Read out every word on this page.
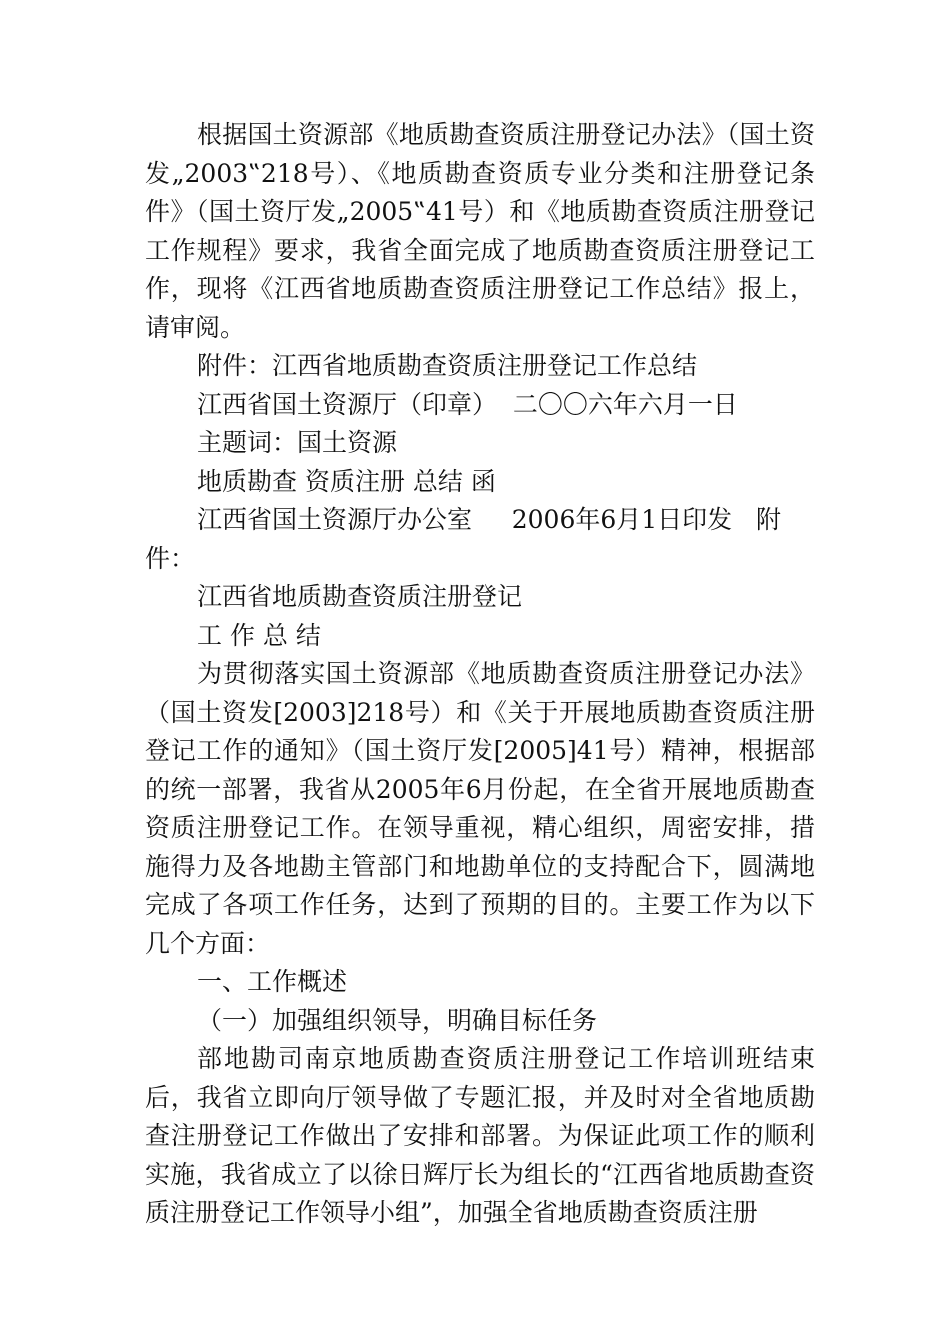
根据国土资源部《地质勘查资质注册登记办法》（国土资发„2003‟218号）、《地质勘查资质专业分类和注册登记条件》（国土资厅发„2005‟41号）和《地质勘查资质注册登记工作规程》要求，我省全面完成了地质勘查资质注册登记工作，现将《江西省地质勘查资质注册登记工作总结》报上，请审阅。

附件：江西省地质勘查资质注册登记工作总结

江西省国土资源厅（印章）  二〇〇六年六月一日

主题词：国土资源

地质勘查 资质注册 总结 函

江西省国土资源厅办公室     2006年6月1日印发   附件：

江西省地质勘查资质注册登记

工 作 总 结

为贯彻落实国土资源部《地质勘查资质注册登记办法》（国土资发[2003]218号）和《关于开展地质勘查资质注册登记工作的通知》（国土资厅发[2005]41号）精神，根据部的统一部署，我省从2005年6月份起，在全省开展地质勘查资质注册登记工作。在领导重视，精心组织，周密安排，措施得力及各地勘主管部门和地勘单位的支持配合下，圆满地完成了各项工作任务，达到了预期的目的。主要工作为以下几个方面：

一、工作概述

（一）加强组织领导，明确目标任务

部地勘司南京地质勘查资质注册登记工作培训班结束后，我省立即向厅领导做了专题汇报，并及时对全省地质勘查注册登记工作做出了安排和部署。为保证此项工作的顺利实施，我省成立了以徐日辉厅长为组长的“江西省地质勘查资质注册登记工作领导小组”，加强全省地质勘查资质注册
